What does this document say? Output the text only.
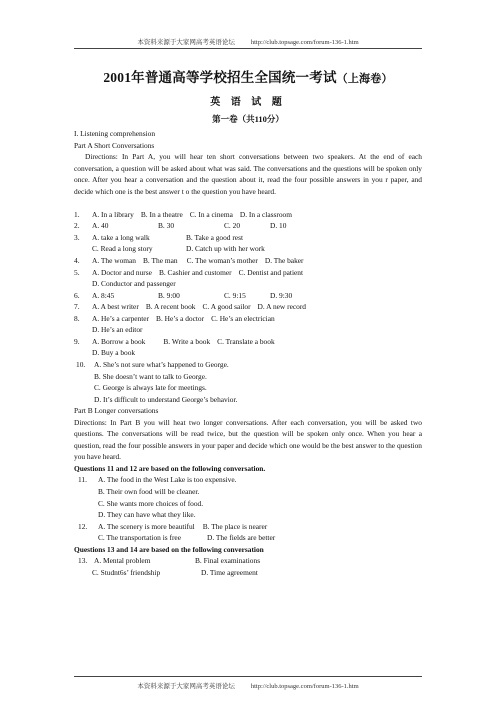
本资料来源于大家网高考英语论坛 http://club.topsage.com/forum-136-1.htm
2001年普通高等学校招生全国统一考试（上海卷）
英 语 试 题
第一卷（共110分）
I. Listening comprehension
Part A Short Conversations
Directions: In Part A, you will hear ten short conversations between two speakers. At the end of each conversation, a question will be asked about what was said. The conversations and the questions will be spoken only once. After you hear a conversation and the question about it, read the four possible answers in you r paper, and decide which one is the best answer t o the question you have heard.
1.	A. In a library B. In a theatre C. In a cinema D. In a classroom
2.	A. 40	B. 30	C. 20	D. 10
3.	A. take a long walk	B. Take a good rest
C. Read a long story	D. Catch up with her work
4.	A. The woman B. The man C. The woman’s mother D. The baker
5.	A. Doctor and nurse B. Cashier and customer C. Dentist and patient
D. Conductor and passenger
6.	A. 8:45	B. 9:00	C. 9:15	D. 9:30
7.	A. A best writer B. A recent book C. A good sailor D. A new record
8.	A. He’s a carpenter B. He’s a doctor C. He’s an electrician
D. He’s an editor
9.	A. Borrow a book B. Write a book C. Translate a book
D. Buy a book
10.	A. She’s not sure what’s happened to George.
B. She doesn’t want to talk to George.
C. George is always late for meetings.
D. It’s difficult to understand George’s behavior.
Part B Longer conversations
Directions: In Part B you will heat two longer conversations. After each conversation, you will be asked two questions. The conversations will be read twice, but the question will be spoken only once. When you hear a question, read the four possible answers in your paper and decide which one would be the best answer to the question you have heard.
Questions 11 and 12 are based on the following conversation.
11.	A. The food in the West Lake is too expensive.
B. Their own food will be cleaner.
C. She wants more choices of food.
D. They can have what they like.
12.	A. The scenery is more beautiful B. The place is nearer
C. The transportation is free	D. The fields are better
Questions 13 and 14 are based on the following conversation
13. A. Mental problem	B. Final examinations
C. Studnt6s’ friendship	D. Time agreement
本资料来源于大家网高考英语论坛 http://club.topsage.com/forum-136-1.htm
